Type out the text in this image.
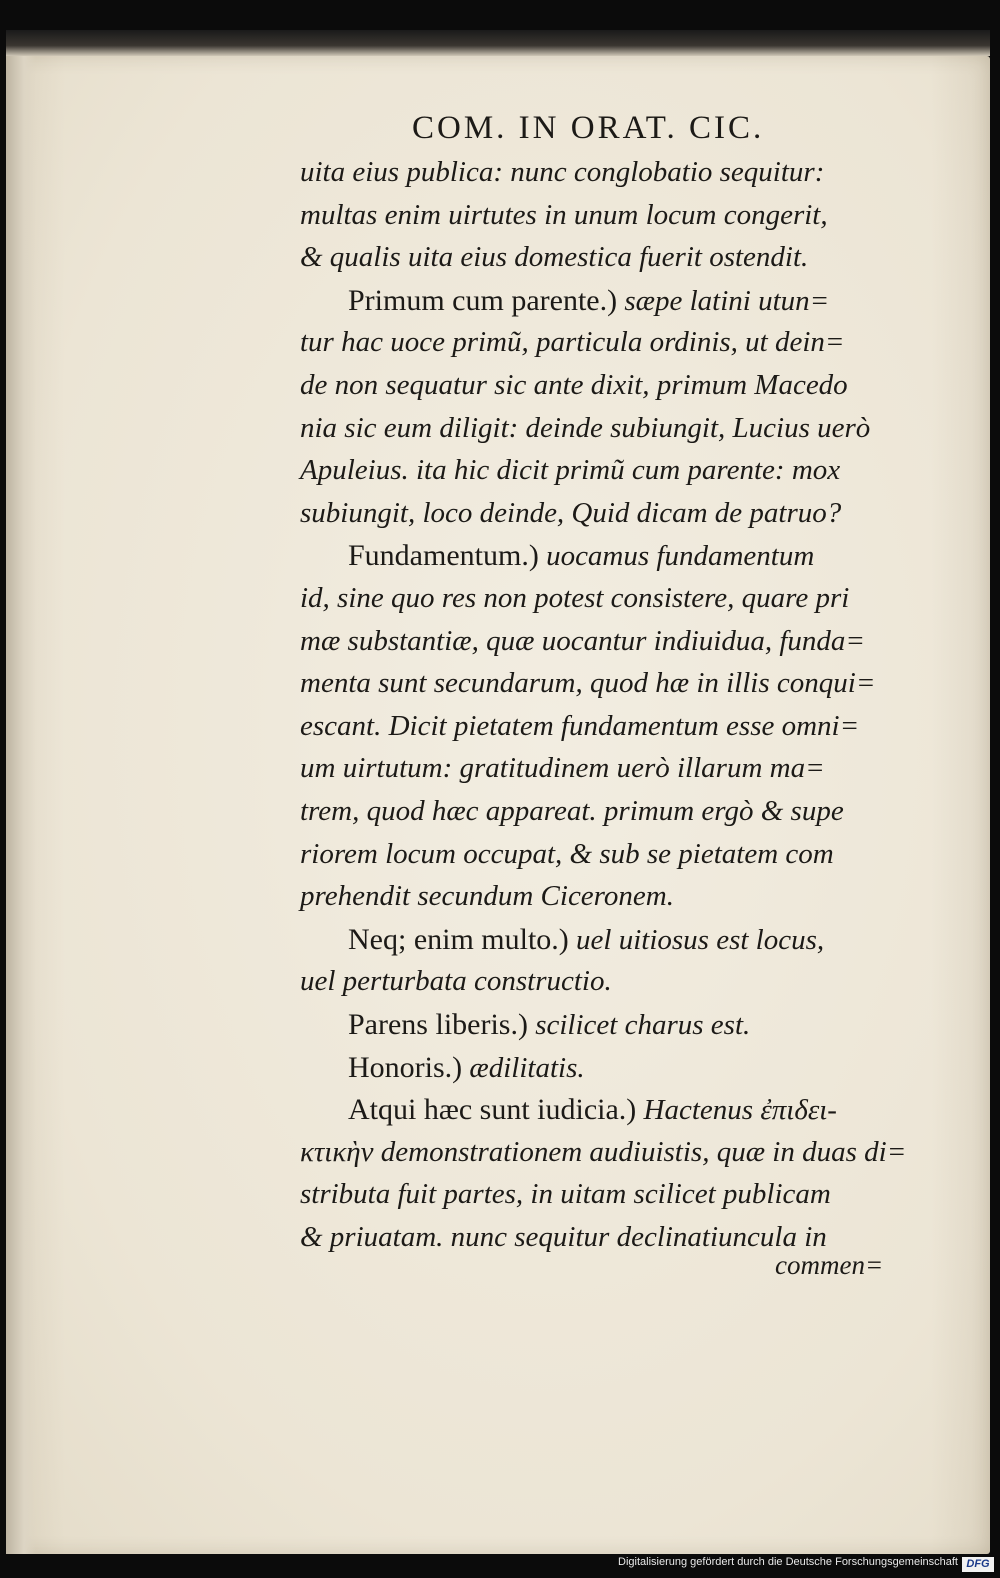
COM. IN ORAT. CIC.
uita eius publica: nunc conglobatio sequitur:
multas enim uirtutes in unum locum congerit,
& qualis uita eius domestica fuerit ostendit.
Primum cum parente.) sæpe latini utun=
tur hac uoce primũ, particula ordinis, ut dein=
de non sequatur sic ante dixit, primum Macedo
nia sic eum diligit: deinde subiungit, Lucius uerò
Apuleius. ita hic dicit primũ cum parente: mox
subiungit, loco deinde, Quid dicam de patruo?
Fundamentum.) uocamus fundamentum
id, sine quo res non potest consistere, quare pri
mæ substantiæ, quæ uocantur indiuidua, funda=
menta sunt secundarum, quod hæ in illis conqui=
escant. Dicit pietatem fundamentum esse omni=
um uirtutum: gratitudinem uerò illarum ma=
trem, quod hæc appareat. primum ergò & supe
riorem locum occupat, & sub se pietatem com
prehendit secundum Ciceronem.
Neq; enim multo.) uel uitiosus est locus,
uel perturbata constructio.
Parens liberis.) scilicet charus est.
Honoris.) ædilitatis.
Atqui hæc sunt iudicia.) Hactenus ἐπιδει-
κτικὴν demonstrationem audiuistis, quæ in duas di=
stributa fuit partes, in uitam scilicet publicam
& priuatam. nunc sequitur declinatiuncula in
commen=
Digitalisierung gefördert durch die Deutsche Forschungsgemeinschaft DFG
